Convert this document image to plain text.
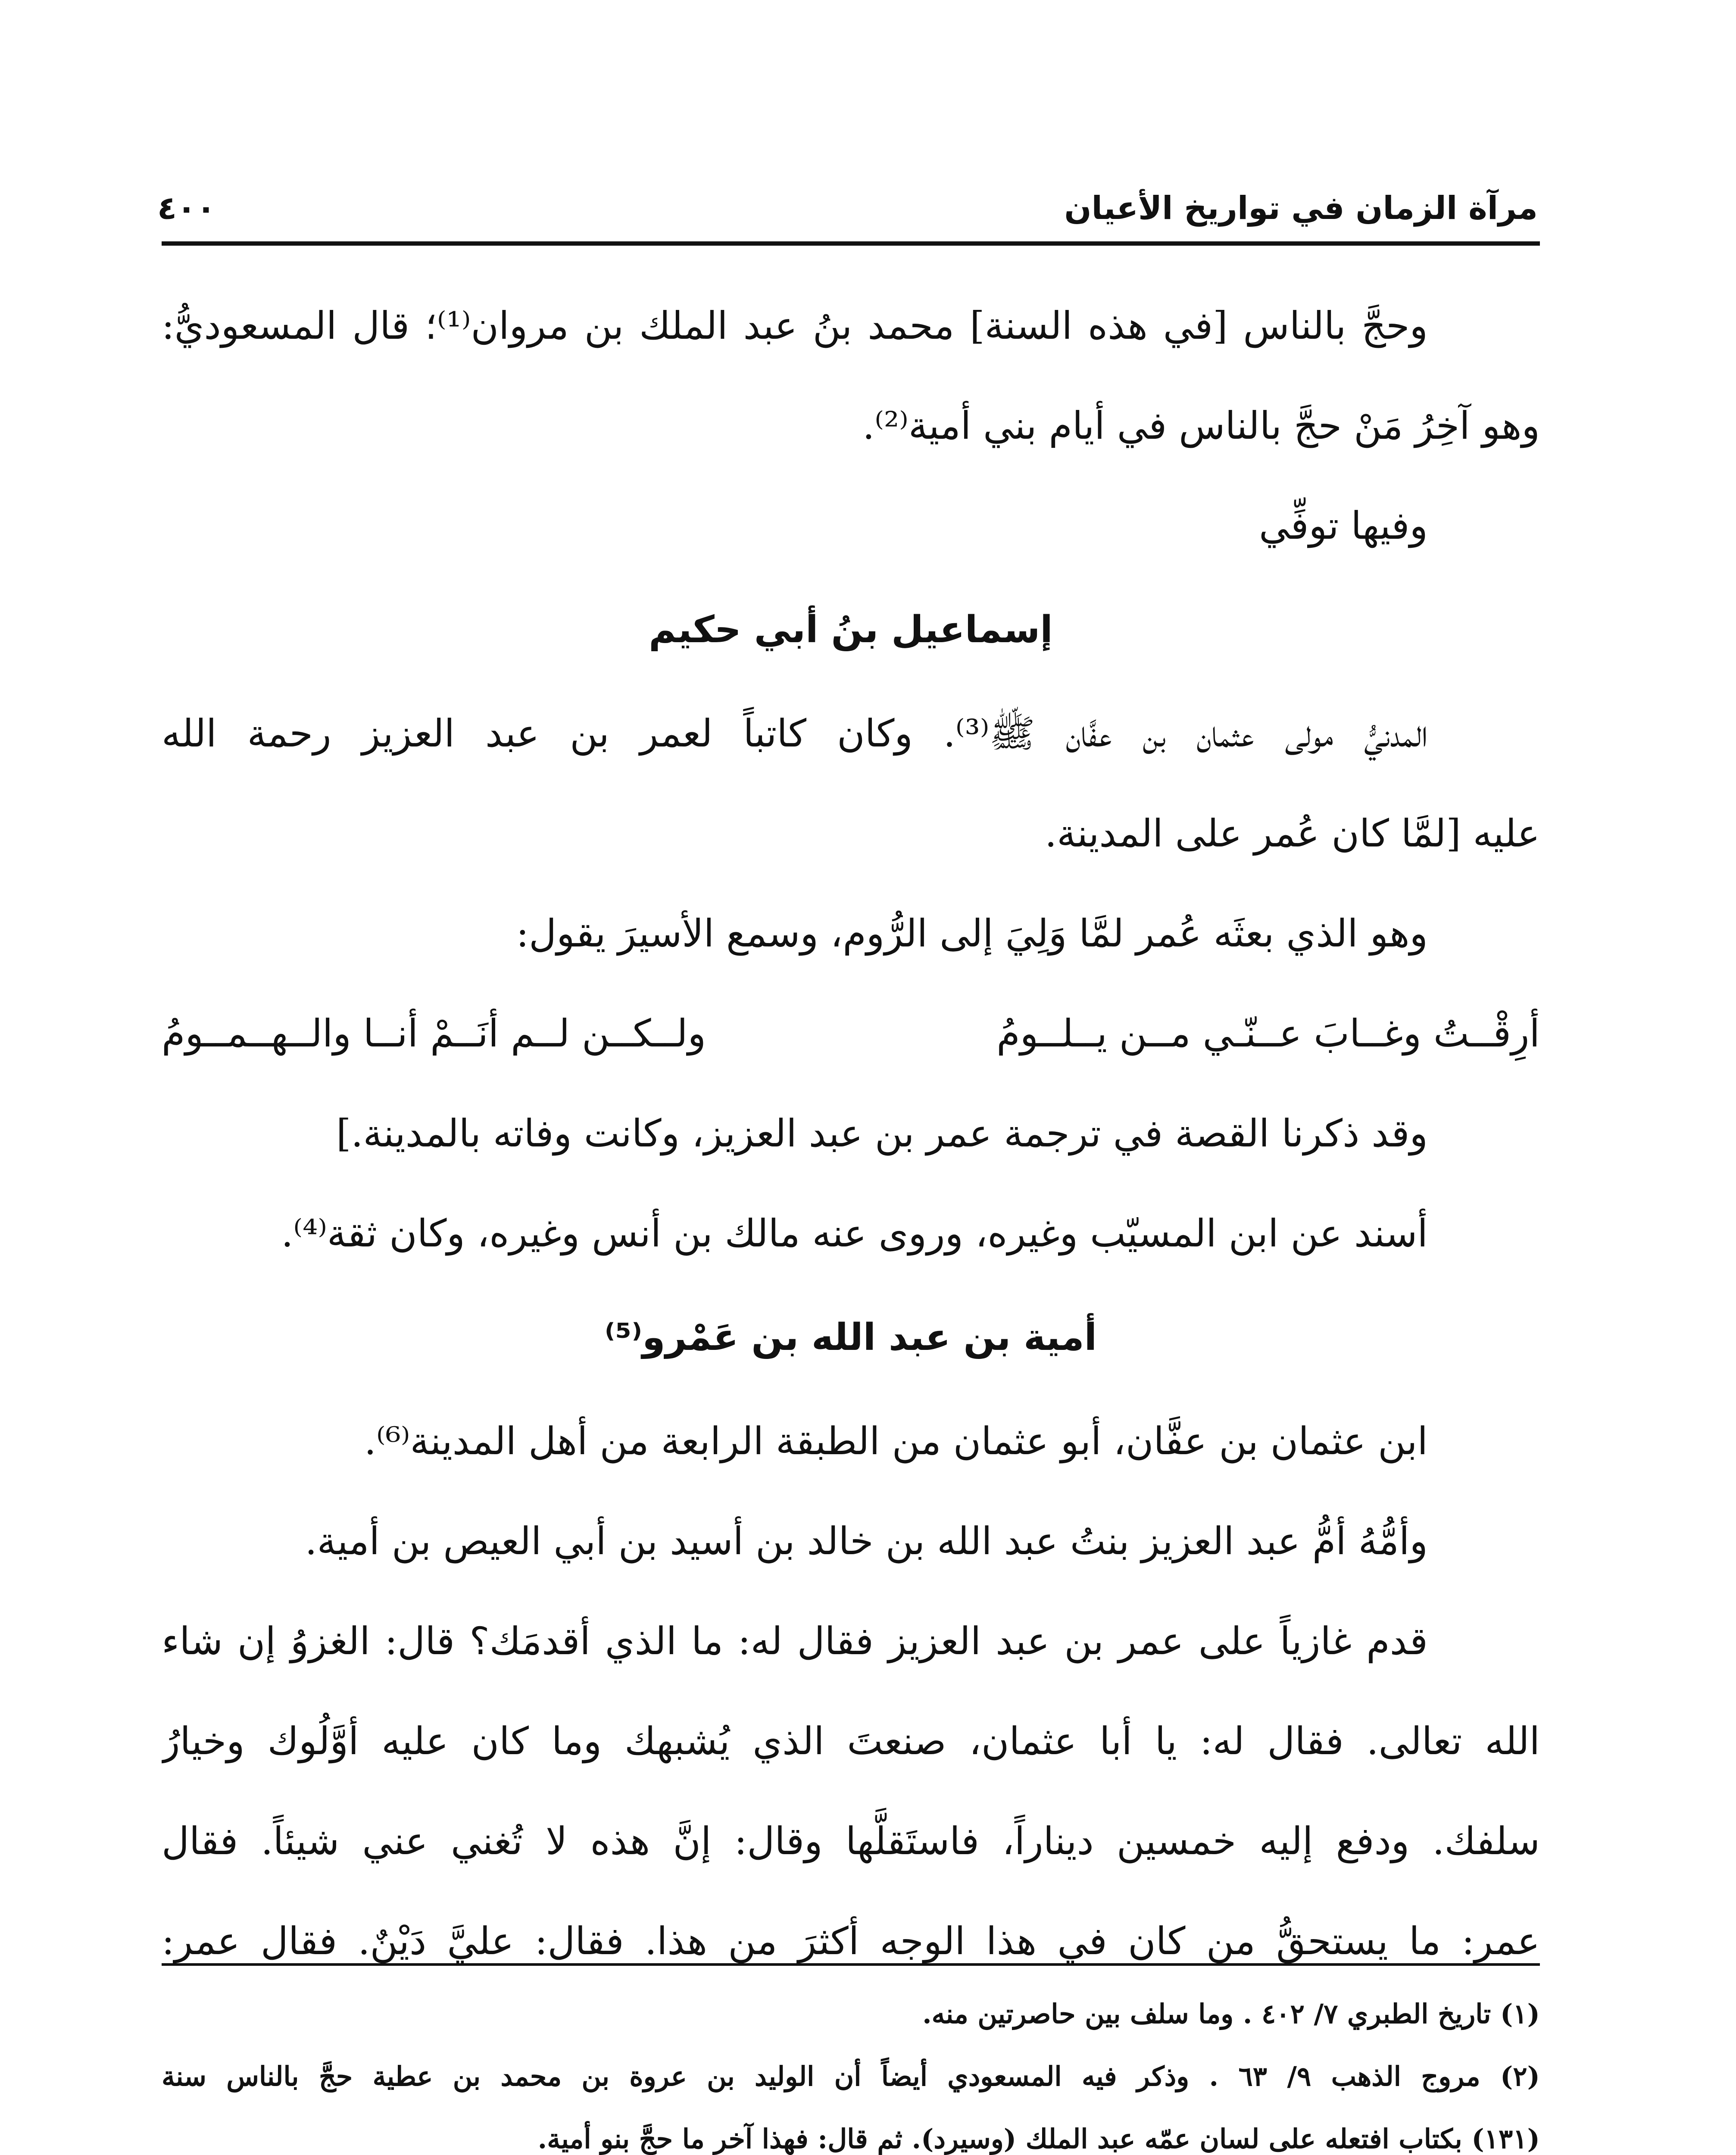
مرآة الزمان في تواريخ الأعيان
٤٠٠
وحجَّ بالناس [في هذه السنة] محمد بنُ عبد الملك بن مروان⁽¹⁾؛ قال المسعوديُّ:
وهو آخِرُ مَنْ حجَّ بالناس في أيام بني أمية⁽²⁾.
وفيها توفِّي
إسماعيل بنُ أبي حكيم
المدنيُّ مولى عثمان بن عفَّان ﷺ⁽³⁾. وكان كاتباً لعمر بن عبد العزيز رحمة الله
عليه [لمَّا كان عُمر على المدينة.
وهو الذي بعثَه عُمر لمَّا وَلِيَ إلى الرُّوم، وسمع الأسيرَ يقول:
أرِقْــتُ وغــابَ عــنّـي مــن يــلــومُ
ولــكــن لــم أنَــمْ أنــا والــهــمــومُ
وقد ذكرنا القصة في ترجمة عمر بن عبد العزيز، وكانت وفاته بالمدينة.]
أسند عن ابن المسيّب وغيره، وروى عنه مالك بن أنس وغيره، وكان ثقة⁽⁴⁾.
أمية بن عبد الله بن عَمْرو⁽⁵⁾
ابن عثمان بن عفَّان، أبو عثمان من الطبقة الرابعة من أهل المدينة⁽⁶⁾.
وأمُّهُ أمُّ عبد العزيز بنتُ عبد الله بن خالد بن أسيد بن أبي العيص بن أمية.
قدم غازياً على عمر بن عبد العزيز فقال له: ما الذي أقدمَك؟ قال: الغزوُ إن شاء
الله تعالى. فقال له: يا أبا عثمان، صنعتَ الذي يُشبهك وما كان عليه أوَّلُوك وخيارُ
سلفك. ودفع إليه خمسين ديناراً، فاستَقلَّها وقال: إنَّ هذه لا تُغني عني شيئاً. فقال
عمر: ما يستحقُّ من كان في هذا الوجه أكثرَ من هذا. فقال: عليَّ دَيْنٌ. فقال عمر:
(١) تاريخ الطبري ٧/ ٤٠٢ . وما سلف بين حاصرتين منه.
(٢) مروج الذهب ٩/ ٦٣ . وذكر فيه المسعودي أيضاً أن الوليد بن عروة بن محمد بن عطية حجَّ بالناس سنة
(١٣١) بكتاب افتعله على لسان عمّه عبد الملك (وسيرد). ثم قال: فهذا آخر ما حجَّ بنو أمية.
